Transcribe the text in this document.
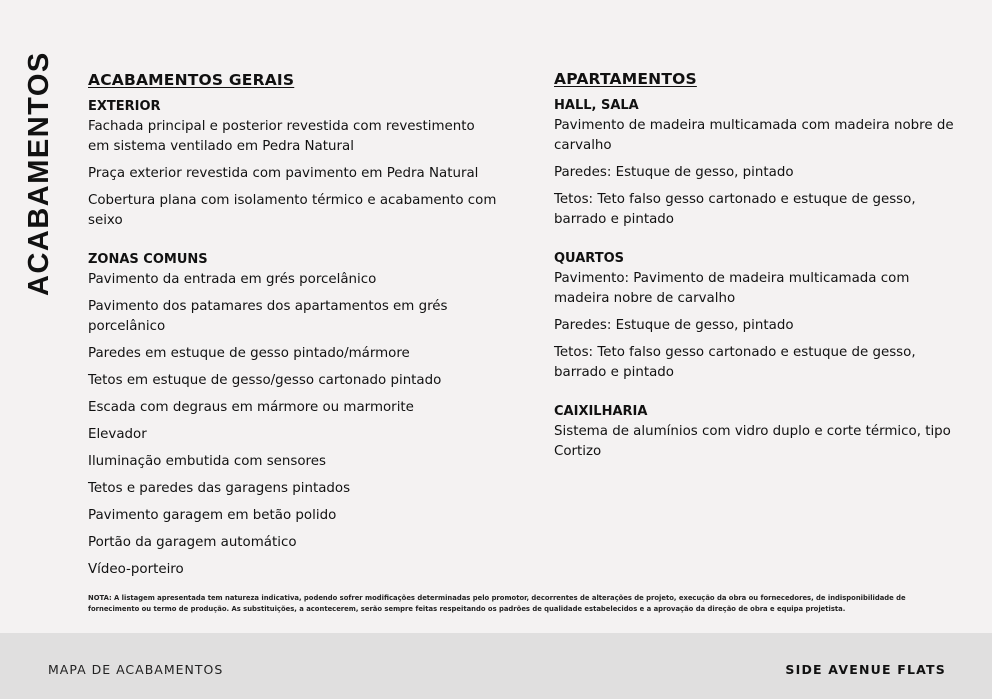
ACABAMENTOS ACABAMENTOS GERAIS
EXTERIOR
Fachada principal e posterior revestida com revestimento em sistema ventilado em Pedra Natural
Praça exterior revestida com pavimento em Pedra Natural
Cobertura plana com isolamento térmico e acabamento com seixo
ZONAS COMUNS
Pavimento da entrada em grés porcelânico
Pavimento dos patamares dos apartamentos em grés porcelânico
Paredes em estuque de gesso pintado/mármore
Tetos em estuque de gesso/gesso cartonado pintado
Escada com degraus em mármore ou marmorite
Elevador
Iluminação embutida com sensores
Tetos e paredes das garagens pintados
Pavimento garagem em betão polido
Portão da garagem automático
Vídeo-porteiro
APARTAMENTOS
HALL, SALA
Pavimento de madeira multicamada com madeira nobre de carvalho
Paredes: Estuque de gesso, pintado
Tetos: Teto falso gesso cartonado e estuque de gesso, barrado e pintado
QUARTOS
Pavimento: Pavimento de madeira multicamada com madeira nobre de carvalho
Paredes: Estuque de gesso, pintado
Tetos: Teto falso gesso cartonado e estuque de gesso, barrado e pintado
CAIXILHARIA
Sistema de alumínios com vidro duplo e corte térmico, tipo Cortizo
NOTA: A listagem apresentada tem natureza indicativa, podendo sofrer modificações determinadas pelo promotor, decorrentes de alterações de projeto, execução da obra ou fornecedores, de indisponibilidade de fornecimento ou termo de produção. As substituições, a acontecerem, serão sempre feitas respeitando os padrões de qualidade estabelecidos e a aprovação da direção de obra e equipa projetista.
MAPA DE ACABAMENTOS	SIDE AVENUE FLATS
